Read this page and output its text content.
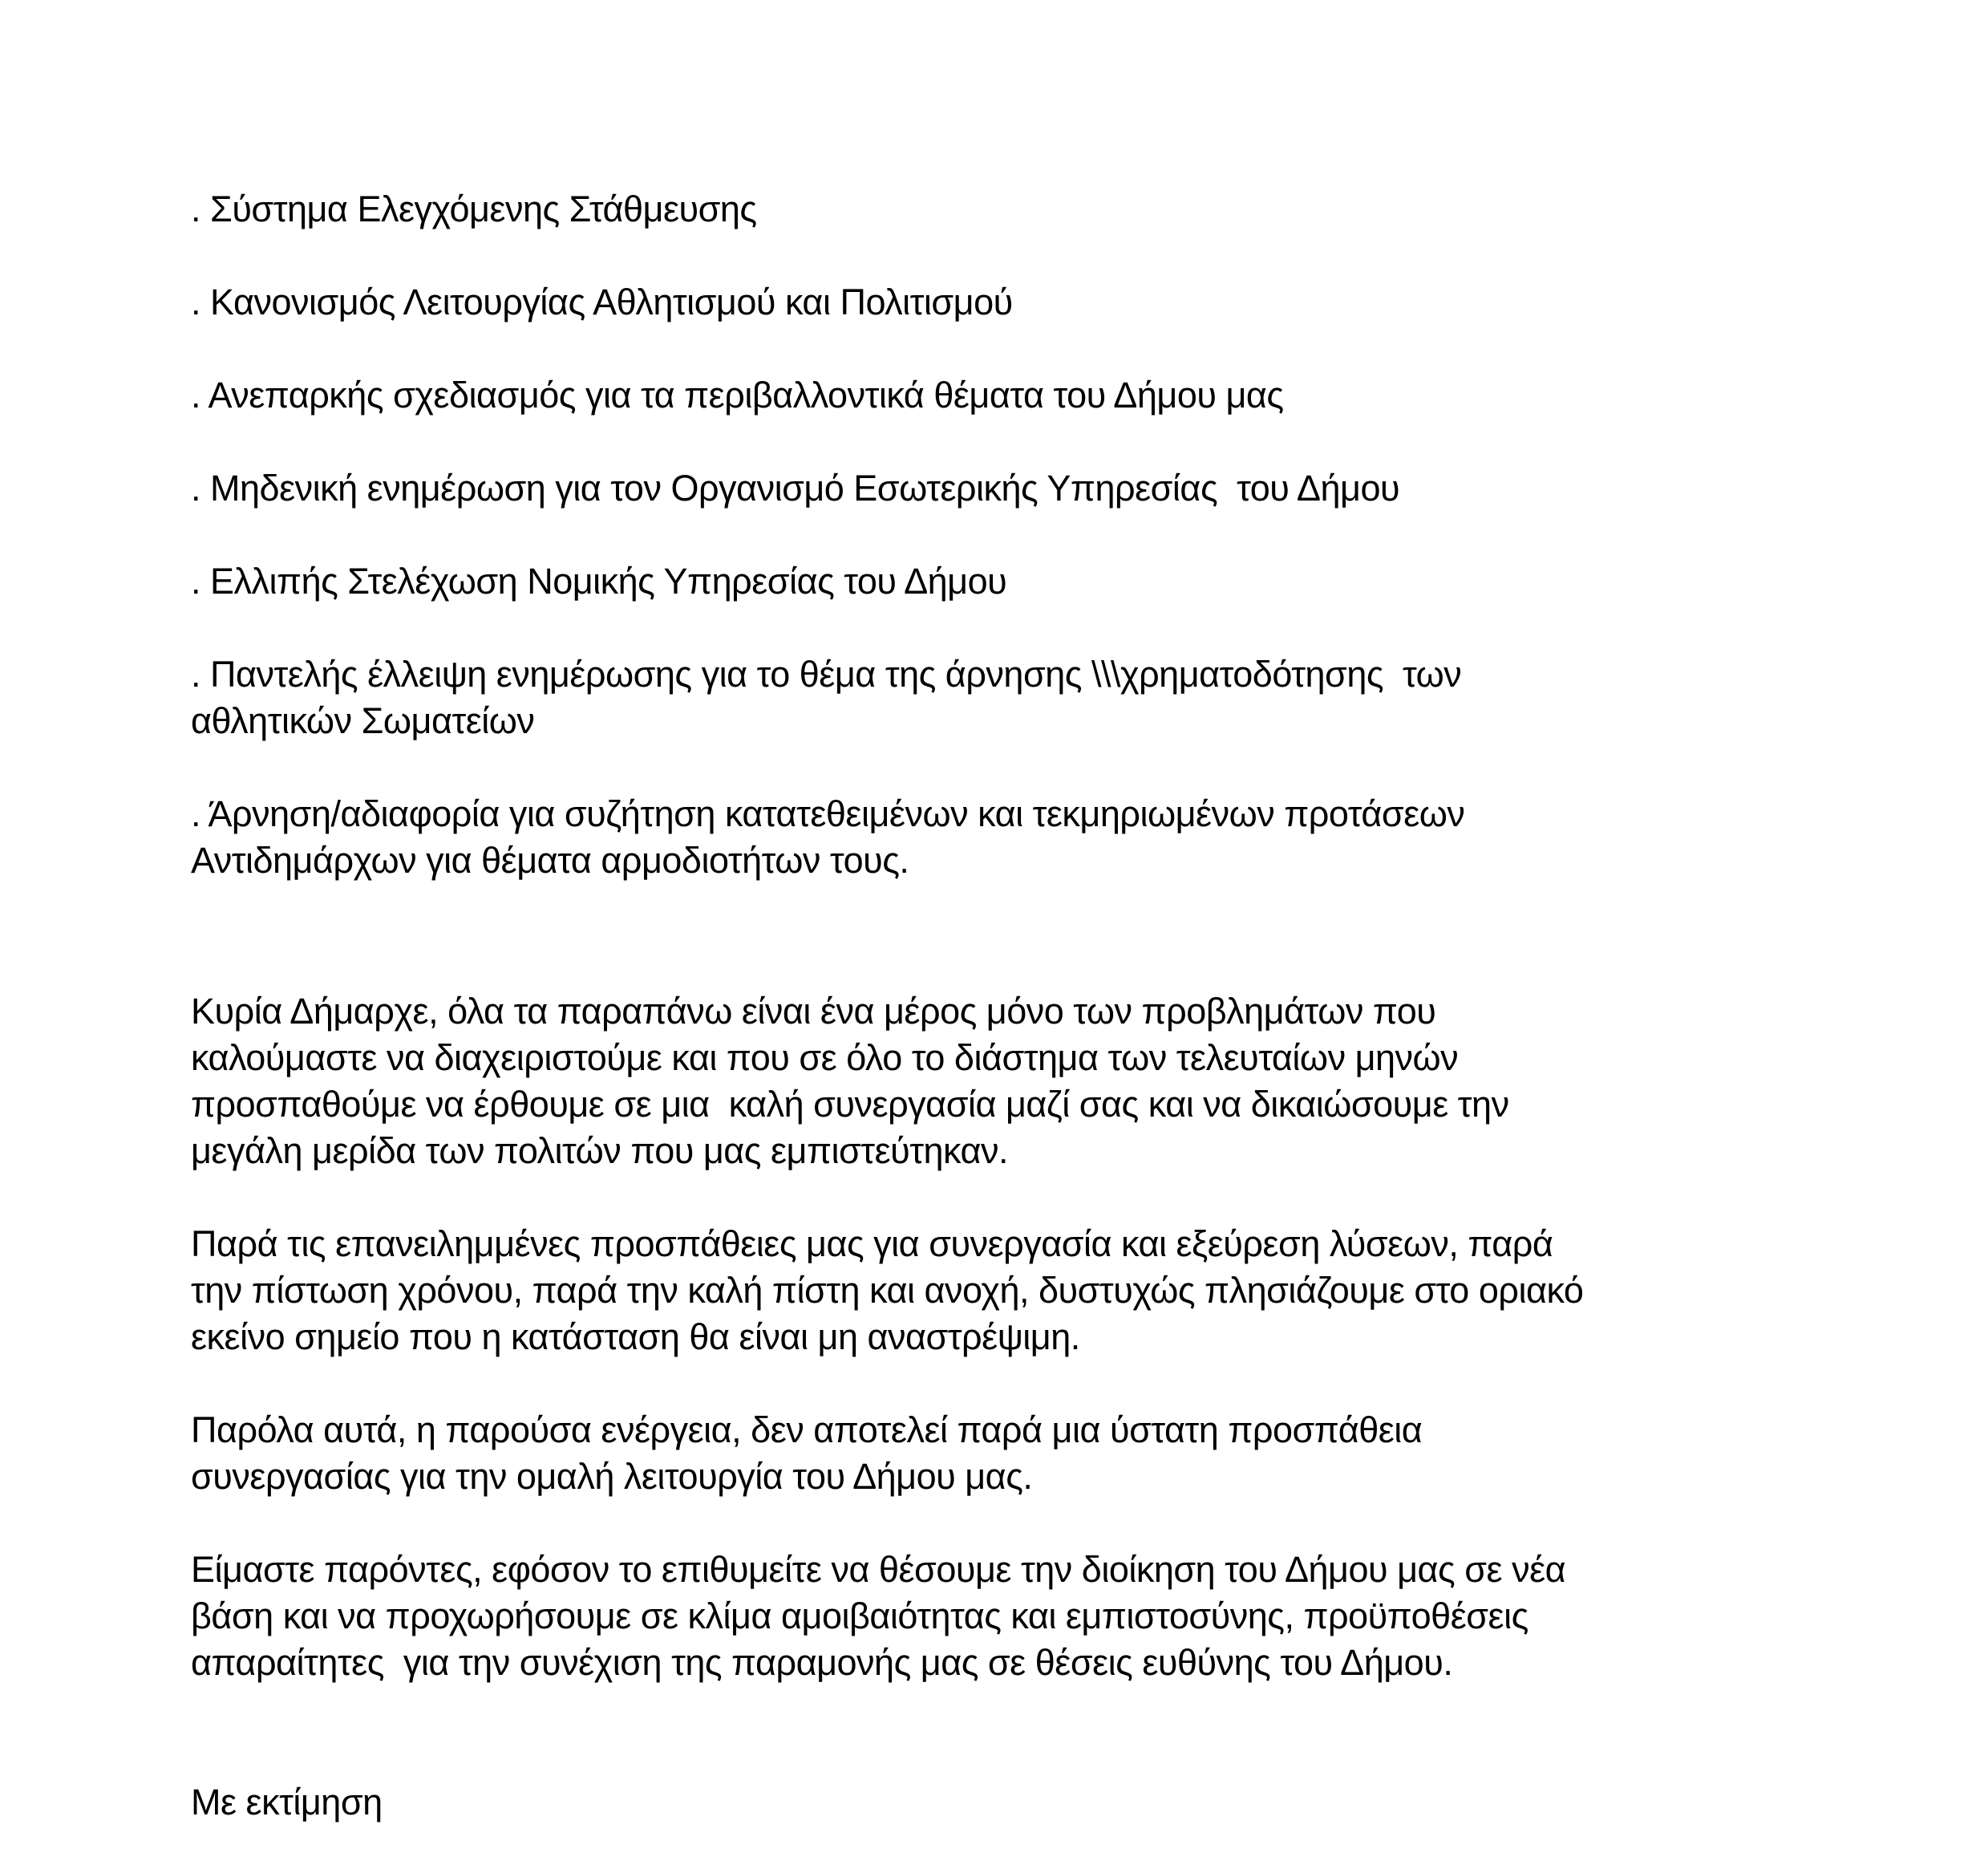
. Σύστημα Ελεγχόμενης Στάθμευσης

. Κανονισμός Λειτουργίας Αθλητισμού και Πολιτισμού

. Ανεπαρκής σχεδιασμός για τα περιβαλλοντικά θέματα του Δήμου μας

. Μηδενική ενημέρωση για τον Οργανισμό Εσωτερικής Υπηρεσίας  του Δήμου

. Ελλιπής Στελέχωση Νομικής Υπηρεσίας του Δήμου

. Παντελής έλλειψη ενημέρωσης για το θέμα της άρνησης \\\χρηματοδότησης  των
αθλητικών Σωματείων

. Άρνηση/αδιαφορία για συζήτηση κατατεθειμένων και τεκμηριωμένων προτάσεων
Αντιδημάρχων για θέματα αρμοδιοτήτων τους.

Κυρία Δήμαρχε, όλα τα παραπάνω είναι ένα μέρος μόνο των προβλημάτων που
καλούμαστε να διαχειριστούμε και που σε όλο το διάστημα των τελευταίων μηνών
προσπαθούμε να έρθουμε σε μια  καλή συνεργασία μαζί σας και να δικαιώσουμε την
μεγάλη μερίδα των πολιτών που μας εμπιστεύτηκαν.

Παρά τις επανειλημμένες προσπάθειες μας για συνεργασία και εξεύρεση λύσεων, παρά
την πίστωση χρόνου, παρά την καλή πίστη και ανοχή, δυστυχώς πλησιάζουμε στο οριακό
εκείνο σημείο που η κατάσταση θα είναι μη αναστρέψιμη.

Παρόλα αυτά, η παρούσα ενέργεια, δεν αποτελεί παρά μια ύστατη προσπάθεια
συνεργασίας για την ομαλή λειτουργία του Δήμου μας.

Είμαστε παρόντες, εφόσον το επιθυμείτε να θέσουμε την διοίκηση του Δήμου μας σε νέα
βάση και να προχωρήσουμε σε κλίμα αμοιβαιότητας και εμπιστοσύνης, προϋποθέσεις
απαραίτητες  για την συνέχιση της παραμονής μας σε θέσεις ευθύνης του Δήμου.

Με εκτίμηση
